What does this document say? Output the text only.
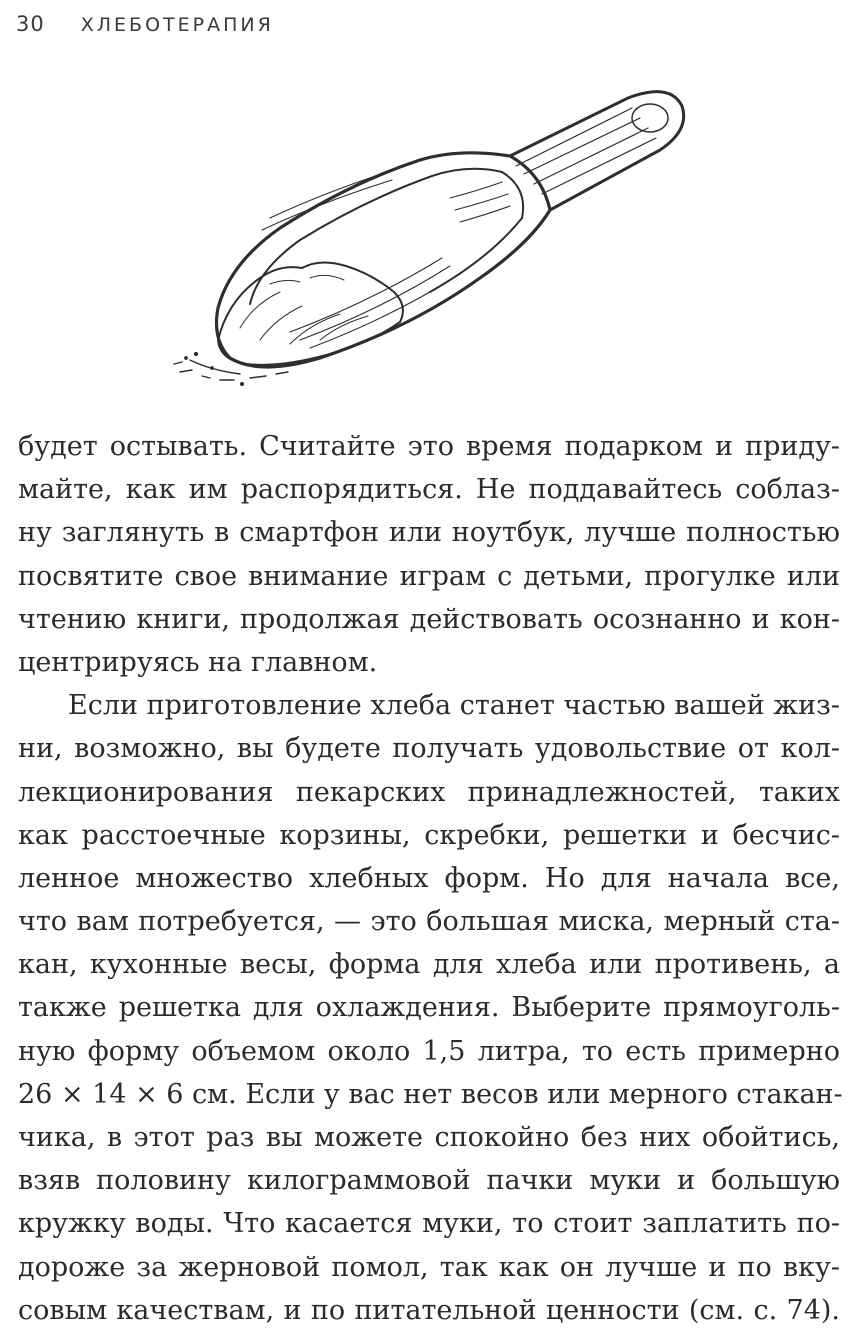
30 ХЛЕБОТЕРАПИЯ
будет остывать. Считайте это время подарком и приду-
майте, как им распорядиться. Не поддавайтесь соблаз-
ну заглянуть в смартфон или ноутбук, лучше полностью
посвятите свое внимание играм с детьми, прогулке или
чтению книги, продолжая действовать осознанно и кон-
центрируясь на главном.
Если приготовление хлеба станет частью вашей жиз-
ни, возможно, вы будете получать удовольствие от кол-
лекционирования пекарских принадлежностей, таких
как расстоечные корзины, скребки, решетки и бесчис-
ленное множество хлебных форм. Но для начала все,
что вам потребуется, — это большая миска, мерный ста-
кан, кухонные весы, форма для хлеба или противень, а
также решетка для охлаждения. Выберите прямоуголь-
ную форму объемом около 1,5 литра, то есть примерно
26 × 14 × 6 см. Если у вас нет весов или мерного стакан-
чика, в этот раз вы можете спокойно без них обойтись,
взяв половину килограммовой пачки муки и большую
кружку воды. Что касается муки, то стоит заплатить по-
дороже за жерновой помол, так как он лучше и по вку-
совым качествам, и по питательной ценности (см. с. 74).
